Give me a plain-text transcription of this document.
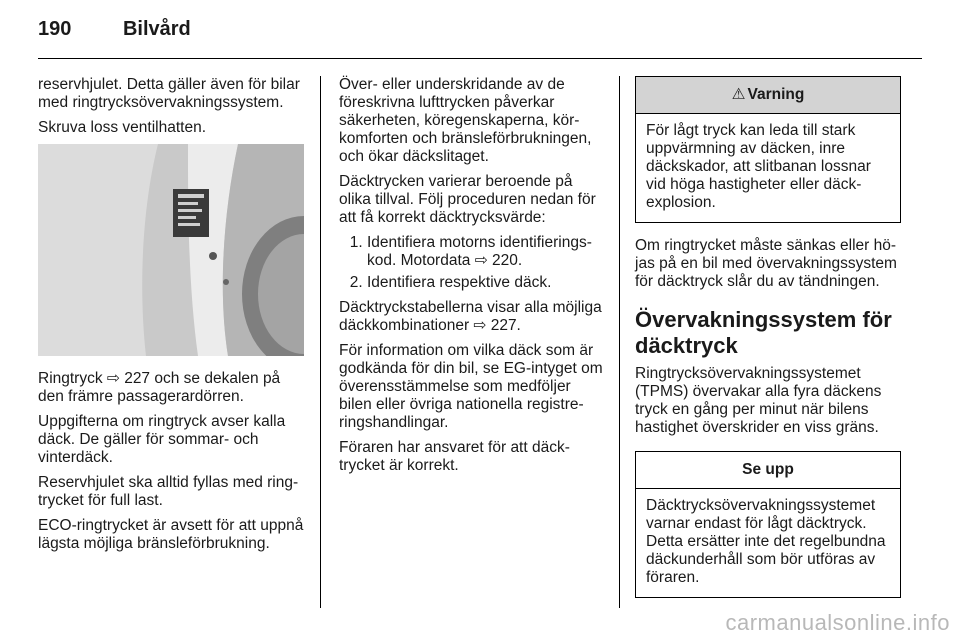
190	Bilvård

reservhjulet. Detta gäller även för bilar med ringtrycksövervakningssystem.

Skruva loss ventilhatten.

Ringtryck ⇨ 227 och se dekalen på den främre passagerardörren.

Uppgifterna om ringtryck avser kalla däck. De gäller för sommar- och vinterdäck.

Reservhjulet ska alltid fyllas med ringtrycket för full last.

ECO-ringtrycket är avsett för att uppnå lägsta möjliga bränsleförbrukning.

Över- eller underskridande av de föreskrivna lufttrycken påverkar säkerheten, köregenskaperna, körkomforten och bränsleförbrukningen, och ökar däckslitaget.

Däcktrycken varierar beroende på olika tillval. Följ proceduren nedan för att få korrekt däcktrycksvärde:

1. Identifiera motorns identifieringskod. Motordata ⇨ 220.
2. Identifiera respektive däck.

Däcktryckstabellerna visar alla möjliga däckkombinationer ⇨ 227.

För information om vilka däck som är godkända för din bil, se EG-intyget om överensstämmelse som medföljer bilen eller övriga nationella registreringshandlingar.

Föraren har ansvaret för att däcktrycket är korrekt.

⚠ Varning
För lågt tryck kan leda till stark uppvärmning av däcken, inre däckskador, att slitbanan lossnar vid höga hastigheter eller däckexplosion.

Om ringtrycket måste sänkas eller höjas på en bil med övervakningssystem för däcktryck slår du av tändningen.

Övervakningssystem för däcktryck

Ringtrycksövervakningssystemet (TPMS) övervakar alla fyra däckens tryck en gång per minut när bilens hastighet överskrider en viss gräns.

Se upp
Däcktrycksövervakningssystemet varnar endast för lågt däcktryck. Detta ersätter inte det regelbundna däckunderhåll som bör utföras av föraren.
carmanualsonline.info
